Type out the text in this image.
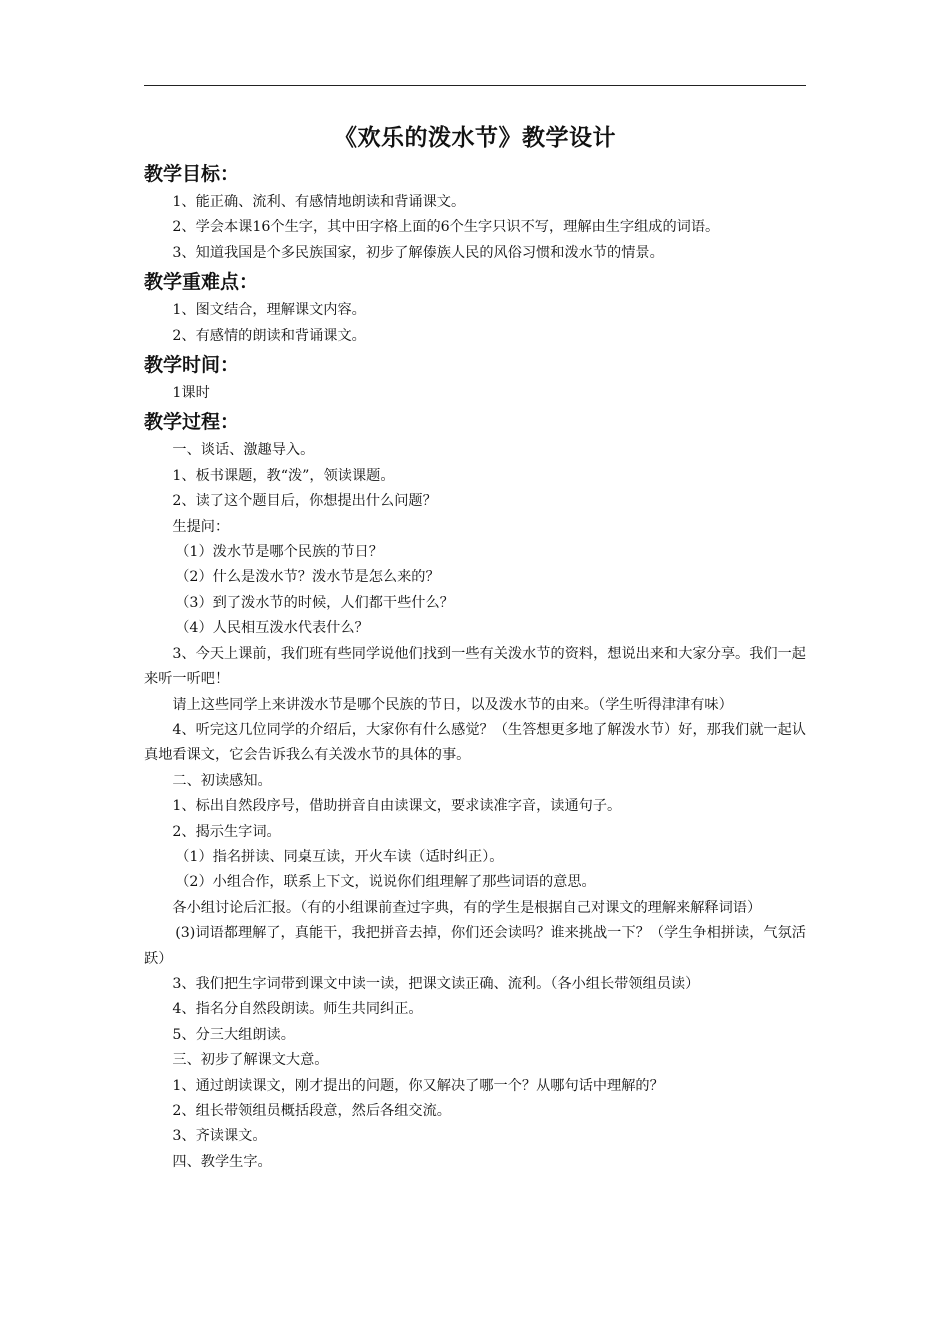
《欢乐的泼水节》教学设计
教学目标：

1、能正确、流利、有感情地朗读和背诵课文。

2、学会本课16个生字，其中田字格上面的6个生字只识不写，理解由生字组成的词语。

3、知道我国是个多民族国家，初步了解傣族人民的风俗习惯和泼水节的情景。

教学重难点：

1、图文结合，理解课文内容。

2、有感情的朗读和背诵课文。

教学时间：

1课时

教学过程：

一、谈话、激趣导入。

1、板书课题，教“泼”，领读课题。

2、读了这个题目后，你想提出什么问题？

生提问：

（1）泼水节是哪个民族的节日？

（2）什么是泼水节？泼水节是怎么来的？

（3）到了泼水节的时候，人们都干些什么？

（4）人民相互泼水代表什么？

3、今天上课前，我们班有些同学说他们找到一些有关泼水节的资料，想说出来和大家分享。我们一起来听一听吧！

请上这些同学上来讲泼水节是哪个民族的节日，以及泼水节的由来。（学生听得津津有味）

4、听完这几位同学的介绍后，大家你有什么感觉？（生答想更多地了解泼水节）好，那我们就一起认真地看课文，它会告诉我么有关泼水节的具体的事。

二、初读感知。

1、标出自然段序号，借助拼音自由读课文，要求读准字音，读通句子。

2、揭示生字词。

（1）指名拼读、同桌互读，开火车读（适时纠正）。

（2）小组合作，联系上下文，说说你们组理解了那些词语的意思。

各小组讨论后汇报。（有的小组课前查过字典，有的学生是根据自己对课文的理解来解释词语）

(3)词语都理解了，真能干，我把拼音去掉，你们还会读吗？谁来挑战一下？（学生争相拼读，气氛活跃）

3、我们把生字词带到课文中读一读，把课文读正确、流利。（各小组长带领组员读）

4、指名分自然段朗读。师生共同纠正。

5、分三大组朗读。

三、初步了解课文大意。

1、通过朗读课文，刚才提出的问题，你又解决了哪一个？从哪句话中理解的？

2、组长带领组员概括段意，然后各组交流。

3、齐读课文。

四、教学生字。
